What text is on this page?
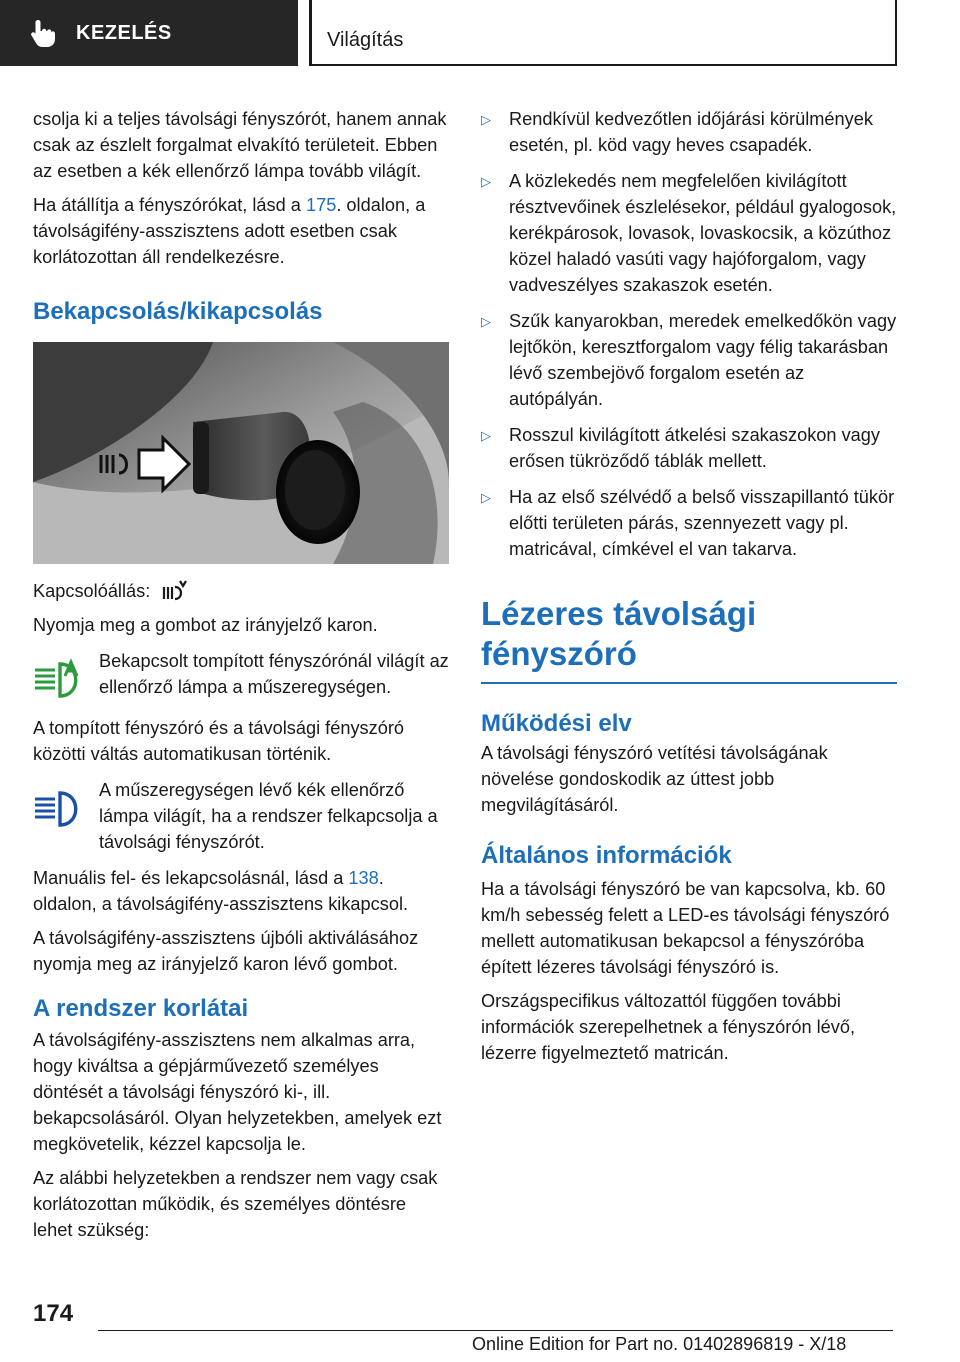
KEZELÉS	Világítás

csolja ki a teljes távolsági fényszórót, hanem annak csak az észlelt forgalmat elvakító területeit. Ebben az esetben a kék ellenőrző lámpa tovább világít.

Ha átállítja a fényszórókat, lásd a 175. oldalon, a távolságifény-asszisztens adott esetben csak korlátozottan áll rendelkezésre.

Bekapcsolás/kikapcsolás

Kapcsolóállás:

Nyomja meg a gombot az irányjelző karon.

Bekapcsolt tompított fényszórónál világít az ellenőrző lámpa a műszeregységen.

A tompított fényszóró és a távolsági fényszóró közötti váltás automatikusan történik.

A műszeregységen lévő kék ellenőrző lámpa világít, ha a rendszer felkapcsolja a távolsági fényszórót.

Manuális fel- és lekapcsolásnál, lásd a 138. oldalon, a távolságifény-asszisztens kikapcsol.

A távolságifény-asszisztens újbóli aktiválásához nyomja meg az irányjelző karon lévő gombot.

A rendszer korlátai

A távolságifény-asszisztens nem alkalmas arra, hogy kiváltsa a gépjárművezető személyes döntését a távolsági fényszóró ki-, ill. bekapcsolásáról. Olyan helyzetekben, amelyek ezt megkövetelik, kézzel kapcsolja le.

Az alábbi helyzetekben a rendszer nem vagy csak korlátozottan működik, és személyes döntésre lehet szükség:

▷ Rendkívül kedvezőtlen időjárási körülmények esetén, pl. köd vagy heves csapadék.
▷ A közlekedés nem megfelelően kivilágított résztvevőinek észlelésekor, például gyalogosok, kerékpárosok, lovasok, lovaskocsik, a közúthoz közel haladó vasúti vagy hajóforgalom, vagy vadveszélyes szakaszok esetén.
▷ Szűk kanyarokban, meredek emelkedőkön vagy lejtőkön, keresztforgalom vagy félig takarásban lévő szembejövő forgalom esetén az autópályán.
▷ Rosszul kivilágított átkelési szakaszokon vagy erősen tükröződő táblák mellett.
▷ Ha az első szélvédő a belső visszapillantó tükör előtti területen párás, szennyezett vagy pl. matricával, címkével el van takarva.
Lézeres távolsági fényszóró
Működési elv

A távolsági fényszóró vetítési távolságának növelése gondoskodik az úttest jobb megvilágításáról.

Általános információk

Ha a távolsági fényszóró be van kapcsolva, kb. 60 km/h sebesség felett a LED-es távolsági fényszóró mellett automatikusan bekapcsol a fényszóróba épített lézeres távolsági fényszóró is.

Országspecifikus változattól függően további információk szerepelhetnek a fényszórón lévő, lézerre figyelmeztető matricán.

174
Online Edition for Part no. 01402896819 - X/18
